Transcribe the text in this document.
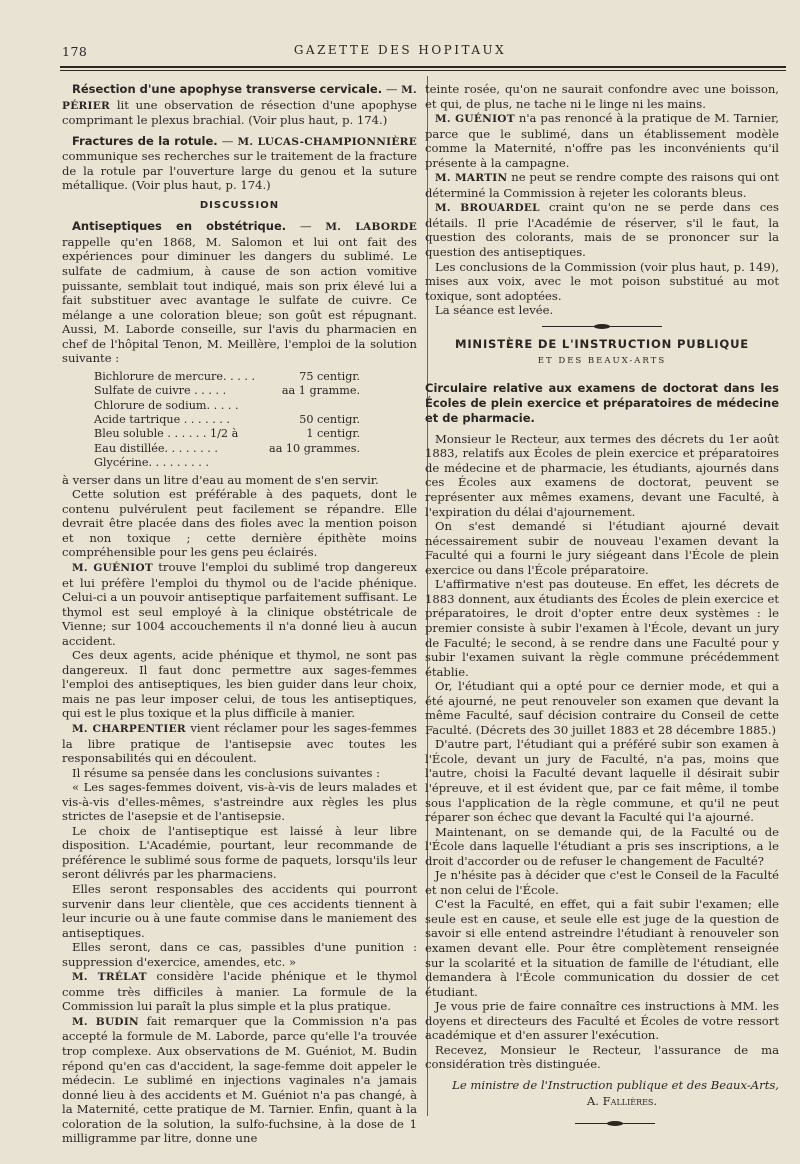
178	GAZETTE DES HOPITAUX

Résection d'une apophyse transverse cervicale. — M. PÉRIER lit une observation de résection d'une apophyse comprimant le plexus brachial. (Voir plus haut, p. 174.)

Fractures de la rotule. — M. LUCAS-CHAMPIONNIÈRE communique ses recherches sur le traitement de la fracture de la rotule par l'ouverture large du genou et la suture métallique. (Voir plus haut, p. 174.)

DISCUSSION

Antiseptiques en obstétrique. — M. LABORDE rappelle qu'en 1868, M. Salomon et lui ont fait des expériences pour diminuer les dangers du sublimé. Le sulfate de cadmium, à cause de son action vomitive puissante, semblait tout indiqué, mais son prix élevé lui a fait substituer avec avantage le sulfate de cuivre. Ce mélange a une coloration bleue; son goût est répugnant. Aussi, M. Laborde conseille, sur l'avis du pharmacien en chef de l'hôpital Tenon, M. Meillère, l'emploi de la solution suivante :

Bichlorure de mercure. . . . .	75 centigr.
Sulfate de cuivre . . . . .	aa 1 gramme.
Chlorure de sodium. . . . .	
Acide tartrique . . . . . . .	50 centigr.
Bleu soluble . . . . . . 1/2 à	1 centigr.
Eau distillée. . . . . . . .	aa 10 grammes.
Glycérine. . . . . . . . .	

à verser dans un litre d'eau au moment de s'en servir.

Cette solution est préférable à des paquets, dont le contenu pulvérulent peut facilement se répandre. Elle devrait être placée dans des fioles avec la mention poison et non toxique ; cette dernière épithète moins compréhensible pour les gens peu éclairés.

M. GUÉNIOT trouve l'emploi du sublimé trop dangereux et lui préfère l'emploi du thymol ou de l'acide phénique. Celui-ci a un pouvoir antiseptique parfaitement suffisant. Le thymol est seul employé à la clinique obstétricale de Vienne; sur 1004 accouchements il n'a donné lieu à aucun accident.

Ces deux agents, acide phénique et thymol, ne sont pas dangereux. Il faut donc permettre aux sages-femmes l'emploi des antiseptiques, les bien guider dans leur choix, mais ne pas leur imposer celui, de tous les antiseptiques, qui est le plus toxique et la plus difficile à manier.

M. CHARPENTIER vient réclamer pour les sages-femmes la libre pratique de l'antisepsie avec toutes les responsabilités qui en découlent.

Il résume sa pensée dans les conclusions suivantes :

« Les sages-femmes doivent, vis-à-vis de leurs malades et vis-à-vis d'elles-mêmes, s'astreindre aux règles les plus strictes de l'asepsie et de l'antisepsie.

Le choix de l'antiseptique est laissé à leur libre disposition. L'Académie, pourtant, leur recommande de préférence le sublimé sous forme de paquets, lorsqu'ils leur seront délivrés par les pharmaciens.

Elles seront responsables des accidents qui pourront survenir dans leur clientèle, que ces accidents tiennent à leur incurie ou à une faute commise dans le maniement des antiseptiques.

Elles seront, dans ce cas, passibles d'une punition : suppression d'exercice, amendes, etc. »

M. TRÉLAT considère l'acide phénique et le thymol comme très difficiles à manier. La formule de la Commission lui paraît la plus simple et la plus pratique.

M. BUDIN fait remarquer que la Commission n'a pas accepté la formule de M. Laborde, parce qu'elle l'a trouvée trop complexe. Aux observations de M. Guéniot, M. Budin répond qu'en cas d'accident, la sage-femme doit appeler le médecin. Le sublimé en injections vaginales n'a jamais donné lieu à des accidents et M. Guéniot n'a pas changé, à la Maternité, cette pratique de M. Tarnier. Enfin, quant à la coloration de la solution, la sulfo-fuchsine, à la dose de 1 milligramme par litre, donne une

teinte rosée, qu'on ne saurait confondre avec une boisson, et qui, de plus, ne tache ni le linge ni les mains.

M. GUÉNIOT n'a pas renoncé à la pratique de M. Tarnier, parce que le sublimé, dans un établissement modèle comme la Maternité, n'offre pas les inconvénients qu'il présente à la campagne.

M. MARTIN ne peut se rendre compte des raisons qui ont déterminé la Commission à rejeter les colorants bleus.

M. BROUARDEL craint qu'on ne se perde dans ces détails. Il prie l'Académie de réserver, s'il le faut, la question des colorants, mais de se prononcer sur la question des antiseptiques.

Les conclusions de la Commission (voir plus haut, p. 149), mises aux voix, avec le mot poison substitué au mot toxique, sont adoptées.

La séance est levée.

MINISTÈRE DE L'INSTRUCTION PUBLIQUE
ET DES BEAUX-ARTS
Circulaire relative aux examens de doctorat dans les Écoles de plein exercice et préparatoires de médecine et de pharmacie.

Monsieur le Recteur, aux termes des décrets du 1er août 1883, relatifs aux Écoles de plein exercice et préparatoires de médecine et de pharmacie, les étudiants, ajournés dans ces Écoles aux examens de doctorat, peuvent se représenter aux mêmes examens, devant une Faculté, à l'expiration du délai d'ajournement.

On s'est demandé si l'étudiant ajourné devait nécessairement subir de nouveau l'examen devant la Faculté qui a fourni le jury siégeant dans l'École de plein exercice ou dans l'École préparatoire.

L'affirmative n'est pas douteuse. En effet, les décrets de 1883 donnent, aux étudiants des Écoles de plein exercice et préparatoires, le droit d'opter entre deux systèmes : le premier consiste à subir l'examen à l'École, devant un jury de Faculté; le second, à se rendre dans une Faculté pour y subir l'examen suivant la règle commune précédemment établie.

Or, l'étudiant qui a opté pour ce dernier mode, et qui a été ajourné, ne peut renouveler son examen que devant la même Faculté, sauf décision contraire du Conseil de cette Faculté. (Décrets des 30 juillet 1883 et 28 décembre 1885.)

D'autre part, l'étudiant qui a préféré subir son examen à l'École, devant un jury de Faculté, n'a pas, moins que l'autre, choisi la Faculté devant laquelle il désirait subir l'épreuve, et il est évident que, par ce fait même, il tombe sous l'application de la règle commune, et qu'il ne peut réparer son échec que devant la Faculté qui l'a ajourné.

Maintenant, on se demande qui, de la Faculté ou de l'École dans laquelle l'étudiant a pris ses inscriptions, a le droit d'accorder ou de refuser le changement de Faculté?

Je n'hésite pas à décider que c'est le Conseil de la Faculté et non celui de l'École.

C'est la Faculté, en effet, qui a fait subir l'examen; elle seule est en cause, et seule elle est juge de la question de savoir si elle entend astreindre l'étudiant à renouveler son examen devant elle. Pour être complètement renseignée sur la scolarité et la situation de famille de l'étudiant, elle demandera à l'École communication du dossier de cet étudiant.

Je vous prie de faire connaître ces instructions à MM. les doyens et directeurs des Faculté et Écoles de votre ressort académique et d'en assurer l'exécution.

Recevez, Monsieur le Recteur, l'assurance de ma considération très distinguée.

Le ministre de l'Instruction publique et des Beaux-Arts,
A. Fallières.
